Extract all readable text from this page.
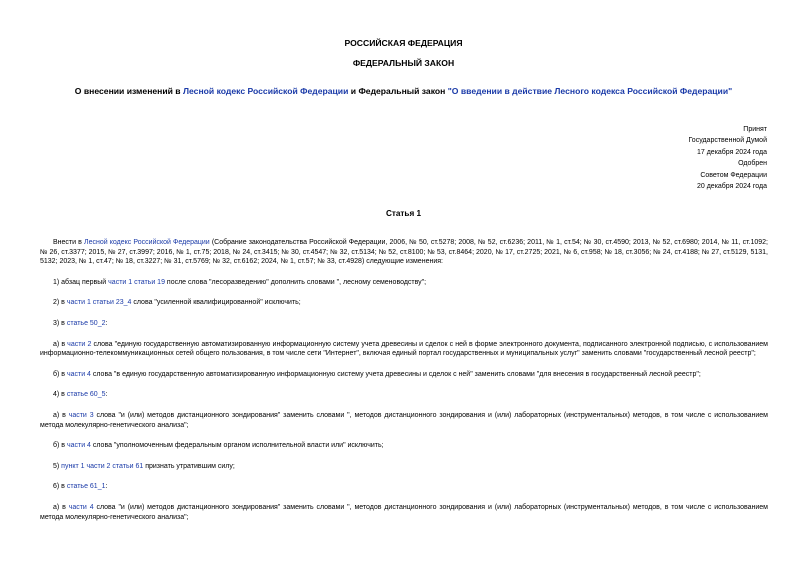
РОССИЙСКАЯ ФЕДЕРАЦИЯ
ФЕДЕРАЛЬНЫЙ ЗАКОН
О внесении изменений в Лесной кодекс Российской Федерации и Федеральный закон "О введении в действие Лесного кодекса Российской Федерации"
Принят
Государственной Думой
17 декабря 2024 года
Одобрен
Советом Федерации
20 декабря 2024 года
Статья 1

Внести в Лесной кодекс Российской Федерации (Собрание законодательства Российской Федерации, 2006, № 50, ст.5278; 2008, № 52, ст.6236; 2011, № 1, ст.54; № 30, ст.4590; 2013, № 52, ст.6980; 2014, № 11, ст.1092; № 26, ст.3377; 2015, № 27, ст.3997; 2016, № 1, ст.75; 2018, № 24, ст.3415; № 30, ст.4547; № 32, ст.5134; № 52, ст.8100; № 53, ст.8464; 2020, № 17, ст.2725; 2021, № 6, ст.958; № 18, ст.3056; № 24, ст.4188; № 27, ст.5129, 5131, 5132; 2023, № 1, ст.47; № 18, ст.3227; № 31, ст.5769; № 32, ст.6162; 2024, № 1, ст.57; № 33, ст.4928) следующие изменения:

1) абзац первый части 1 статьи 19 после слова "лесоразведению" дополнить словами ", лесному семеноводству";

2) в части 1 статьи 23_4 слова "усиленной квалифицированной" исключить;

3) в статье 50_2:

а) в части 2 слова "единую государственную автоматизированную информационную систему учета древесины и сделок с ней в форме электронного документа, подписанного электронной подписью, с использованием информационно-телекоммуникационных сетей общего пользования, в том числе сети "Интернет", включая единый портал государственных и муниципальных услуг" заменить словами "государственный лесной реестр";

б) в части 4 слова "в единую государственную автоматизированную информационную систему учета древесины и сделок с ней" заменить словами "для внесения в государственный лесной реестр";

4) в статье 60_5:

а) в части 3 слова "и (или) методов дистанционного зондирования" заменить словами ", методов дистанционного зондирования и (или) лабораторных (инструментальных) методов, в том числе с использованием метода молекулярно-генетического анализа";

б) в части 4 слова "уполномоченным федеральным органом исполнительной власти или" исключить;

5) пункт 1 части 2 статьи 61 признать утратившим силу;

6) в статье 61_1:

а) в части 4 слова "и (или) методов дистанционного зондирования" заменить словами ", методов дистанционного зондирования и (или) лабораторных (инструментальных) методов, в том числе с использованием метода молекулярно-генетического анализа";
